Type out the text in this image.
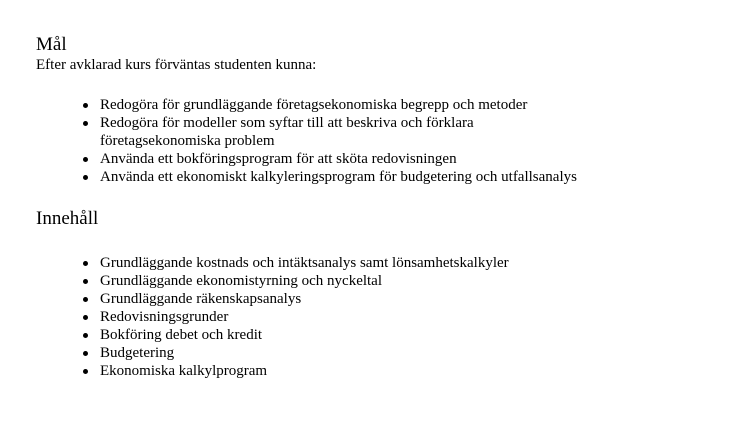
Mål

Efter avklarad kurs förväntas studenten kunna:

Redogöra för grundläggande företagsekonomiska begrepp och metoder
Redogöra för modeller som syftar till att beskriva och förklara företagsekonomiska problem
Använda ett bokföringsprogram för att sköta redovisningen
Använda ett ekonomiskt kalkyleringsprogram för budgetering och utfallsanalys
Innehåll
Grundläggande kostnads och intäktsanalys samt lönsamhetskalkyler
Grundläggande ekonomistyrning och nyckeltal
Grundläggande räkenskapsanalys
Redovisningsgrunder
Bokföring debet och kredit
Budgetering
Ekonomiska kalkylprogram
